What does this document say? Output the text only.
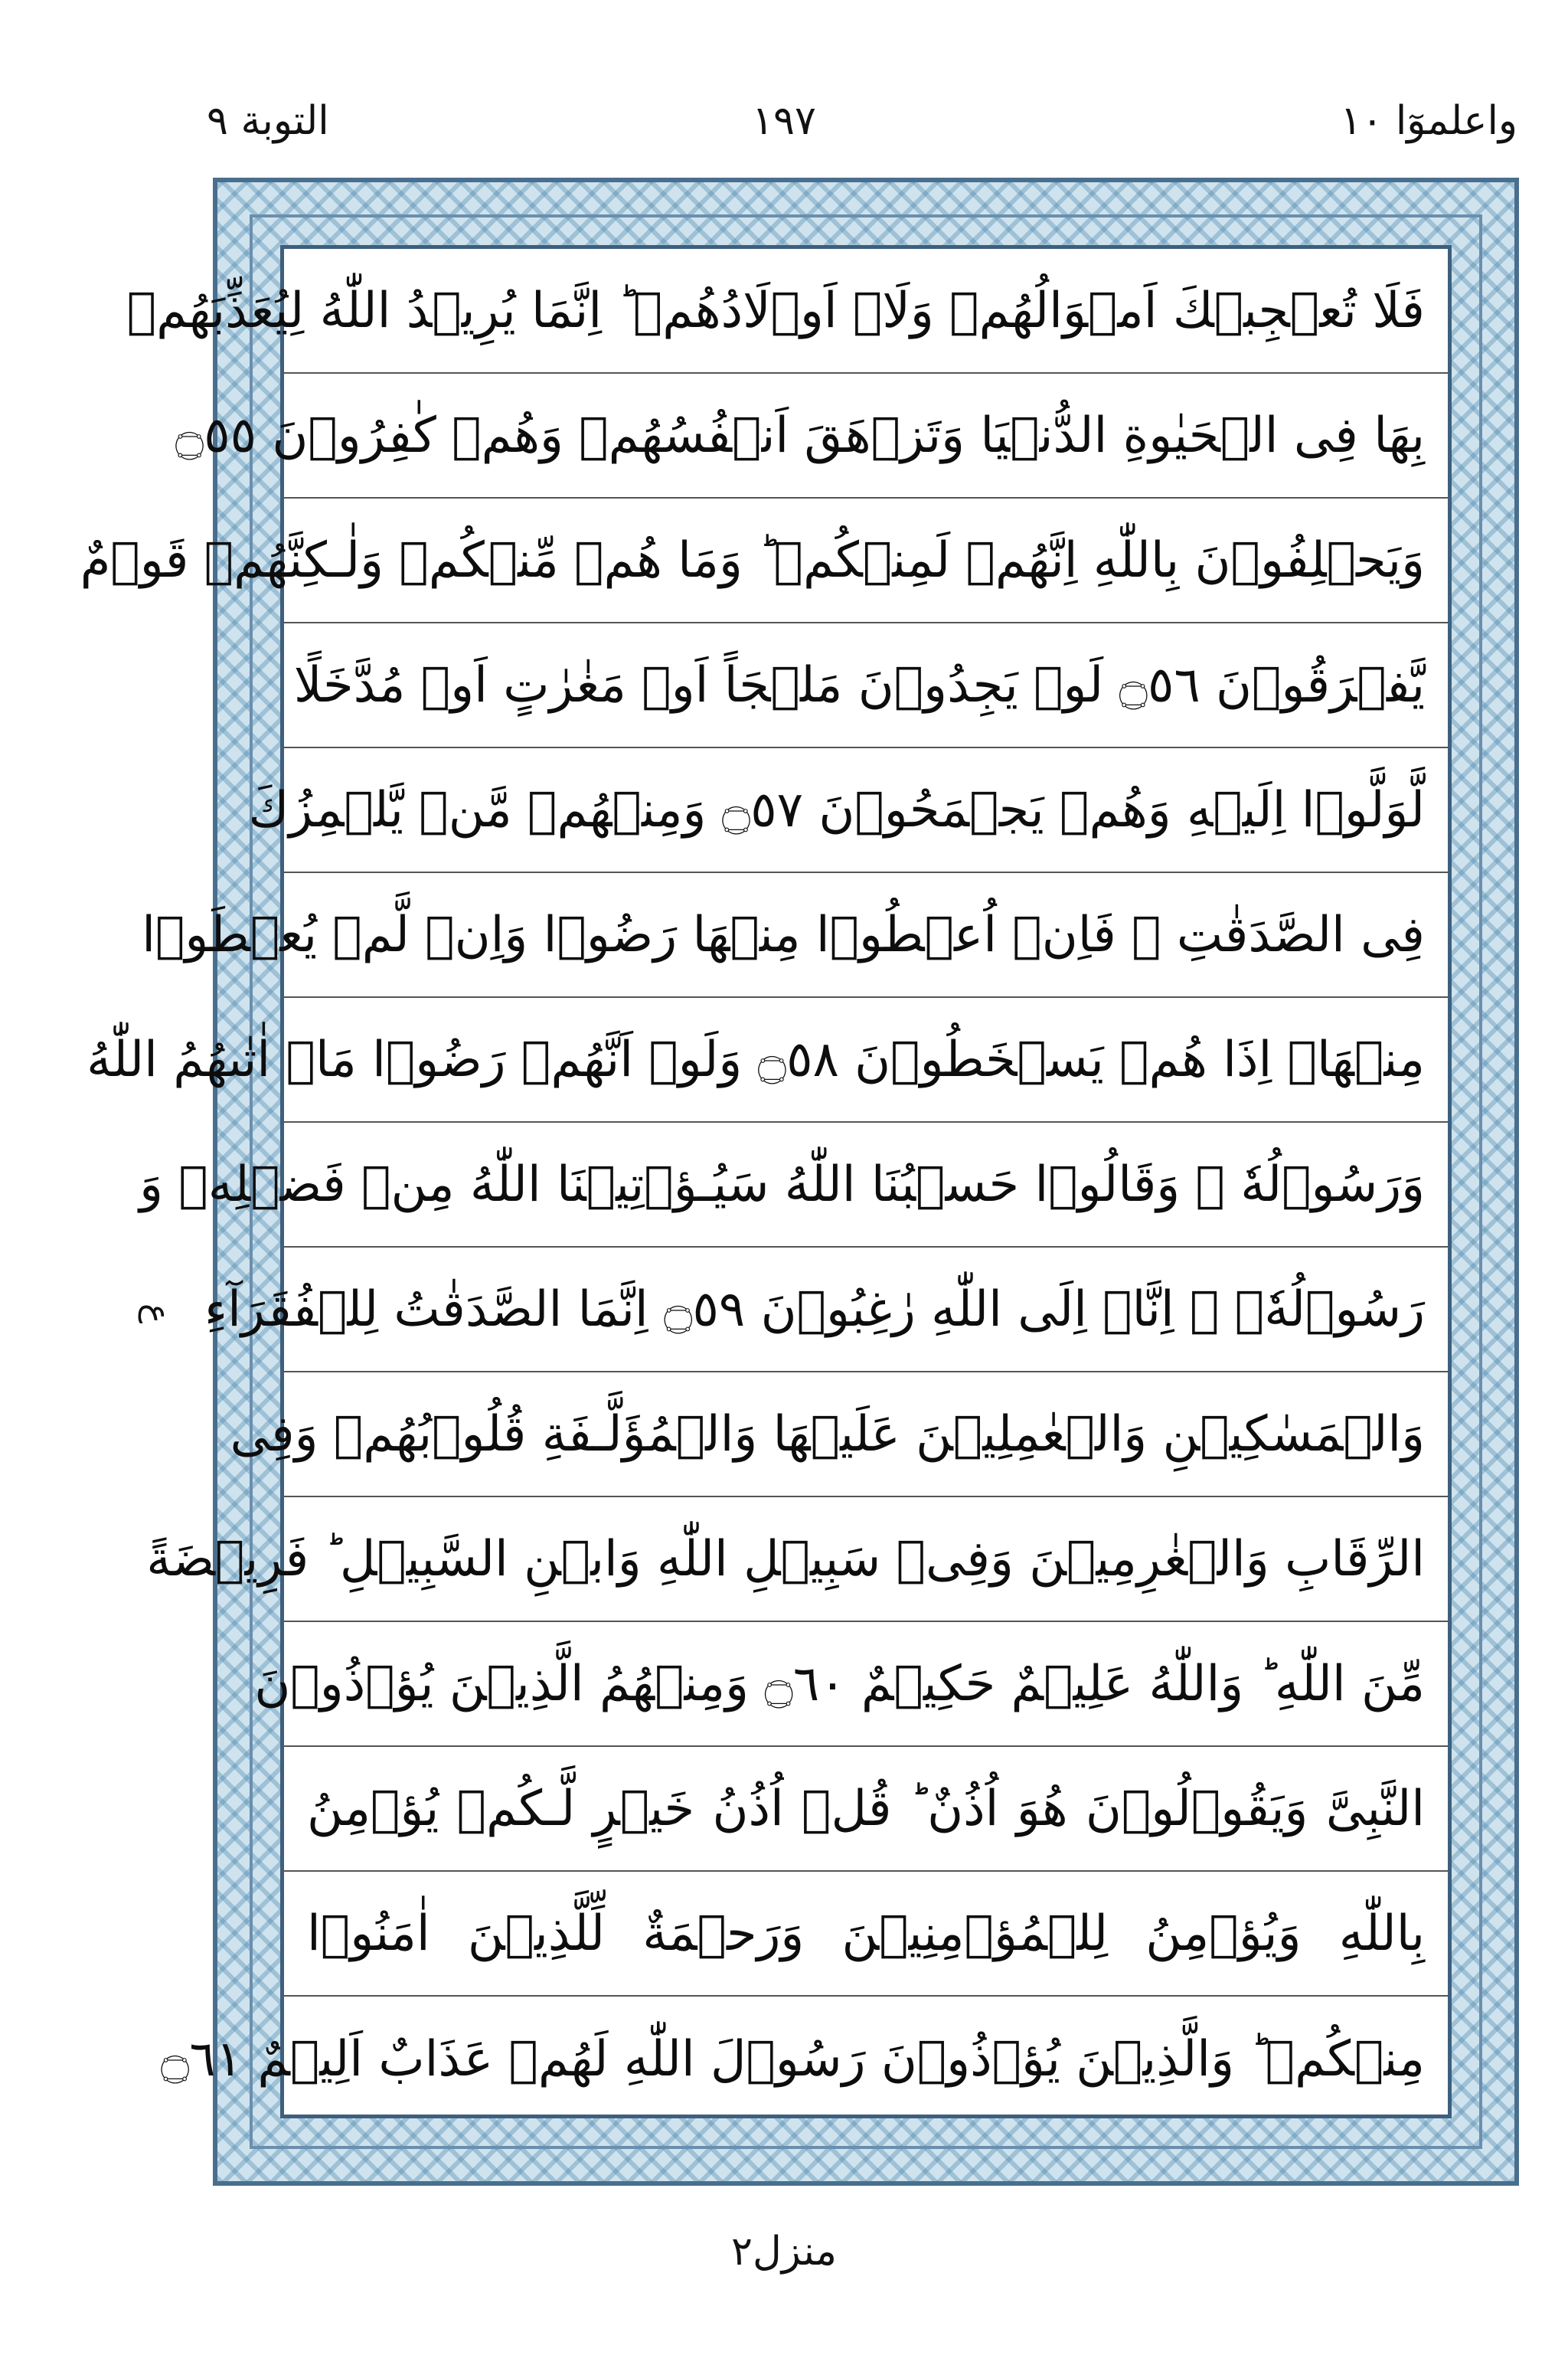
واعلموٓا ١٠
١٩٧
التوبة ٩
ع
فَلَا تُعۡجِبۡكَ اَمۡوَالُهُمۡ وَلَاۤ اَوۡلَادُهُمۡ ؕ اِنَّمَا يُرِيۡدُ اللّٰهُ لِيُعَذِّبَهُمۡ
بِهَا فِى الۡحَيٰوةِ الدُّنۡيَا وَتَزۡهَقَ اَنۡفُسُهُمۡ وَهُمۡ كٰفِرُوۡنَ ۝٥٥
وَيَحۡلِفُوۡنَ بِاللّٰهِ اِنَّهُمۡ لَمِنۡكُمۡ ؕ وَمَا هُمۡ مِّنۡكُمۡ وَلٰـكِنَّهُمۡ قَوۡمٌ
يَّفۡرَقُوۡنَ ۝٥٦ لَوۡ يَجِدُوۡنَ مَلۡجَاً اَوۡ مَغٰرٰتٍ اَوۡ مُدَّخَلًا
لَّوَلَّوۡا اِلَيۡهِ وَهُمۡ يَجۡمَحُوۡنَ ۝٥٧ وَمِنۡهُمۡ مَّنۡ يَّلۡمِزُكَ
فِى الصَّدَقٰتِ ۚ فَاِنۡ اُعۡطُوۡا مِنۡهَا رَضُوۡا وَاِنۡ لَّمۡ يُعۡطَوۡا
مِنۡهَاۤ اِذَا هُمۡ يَسۡخَطُوۡنَ ۝٥٨ وَلَوۡ اَنَّهُمۡ رَضُوۡا مَاۤ اٰتٰٮهُمُ اللّٰهُ
وَرَسُوۡلُهٗ ۙ وَقَالُوۡا حَسۡبُنَا اللّٰهُ سَيُـؤۡتِيۡنَا اللّٰهُ مِنۡ فَضۡلِهٖ وَ
رَسُوۡلُهٗۤ ۙ اِنَّاۤ اِلَى اللّٰهِ رٰغِبُوۡنَ ۝٥٩ اِنَّمَا الصَّدَقٰتُ لِلۡفُقَرَآءِ
وَالۡمَسٰكِيۡنِ وَالۡعٰمِلِيۡنَ عَلَيۡهَا وَالۡمُؤَلَّـفَةِ قُلُوۡبُهُمۡ وَفِى
الرِّقَابِ وَالۡغٰرِمِيۡنَ وَفِىۡ سَبِيۡلِ اللّٰهِ وَابۡنِ السَّبِيۡلِ ؕ فَرِيۡضَةً
مِّنَ اللّٰهِ ؕ وَاللّٰهُ عَلِيۡمٌ حَكِيۡمٌ ۝٦٠ وَمِنۡهُمُ الَّذِيۡنَ يُؤۡذُوۡنَ
النَّبِىَّ وَيَقُوۡلُوۡنَ هُوَ اُذُنٌ ؕ قُلۡ اُذُنُ خَيۡرٍ لَّـكُمۡ يُؤۡمِنُ
بِاللّٰهِ وَيُؤۡمِنُ لِلۡمُؤۡمِنِيۡنَ وَرَحۡمَةٌ لِّلَّذِيۡنَ اٰمَنُوۡا
مِنۡكُمۡ ؕ وَالَّذِيۡنَ يُؤۡذُوۡنَ رَسُوۡلَ اللّٰهِ لَهُمۡ عَذَابٌ اَلِيۡمٌ ۝٦١
منزل٢
